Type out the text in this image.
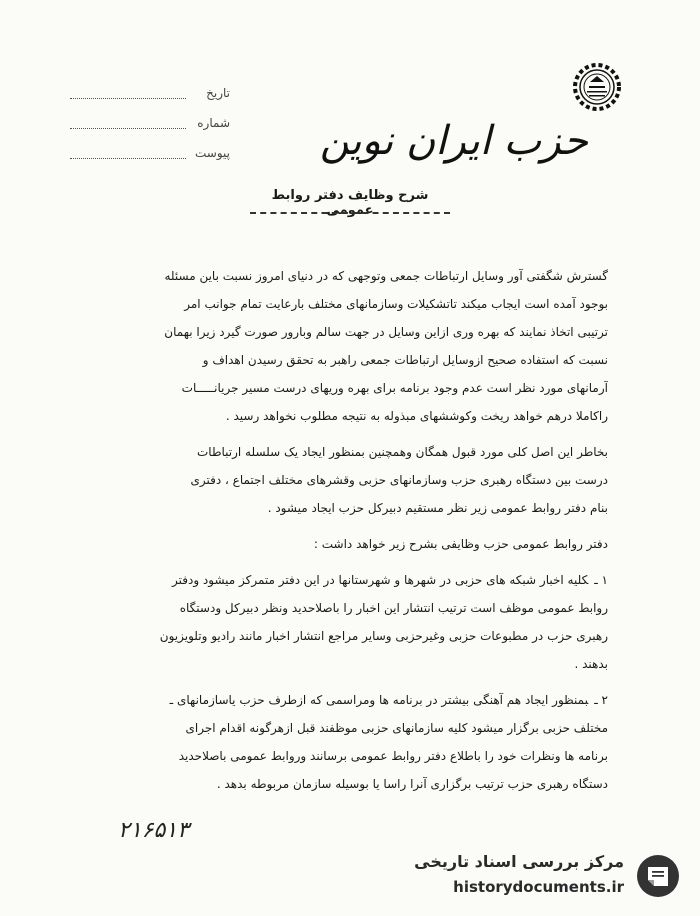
حزب ایران نوین
تاریخ
شماره
پیوست
شرح وظایف دفتر روابط عمومی

گسترش شگفتی آور وسایل ارتباطات جمعی وتوجهی که در دنیای امروز نسبت باین مسئله
بوجود آمده است ایجاب میکند تاتشکیلات وسازمانهای مختلف بارعایت تمام جوانب امر
ترتیبی اتخاذ نمایند که بهره وری ازاین وسایل در جهت سالم وبارور صورت گیرد زیرا بهمان
نسبت که استفاده صحیح ازوسایل ارتباطات جمعی راهبر به تحقق رسیدن اهداف و
آرمانهای مورد نظر است عدم وجود برنامه برای بهره وریهای درست مسیر جریانـــــات
راکاملا درهم خواهد ریخت وکوششهای مبذوله به نتیجه مطلوب نخواهد رسید .

بخاطر این اصل کلی مورد قبول همگان وهمچنین بمنظور ایجاد یک سلسله ارتباطات
درست بین دستگاه رهبری حزب وسازمانهای حزبی وقشرهای مختلف اجتماع ، دفتری
بنام دفتر روابط عمومی زیر نظر مستقیم دبیرکل حزب ایجاد میشود .

دفتر روابط عمومی حزب وظایفی بشرح زیر خواهد داشت :

۱ ـکلیه اخبار شبکه های حزبی در شهرها و شهرستانها در این دفتر متمرکز میشود ودفتر
روابط عمومی موظف است ترتیب انتشار این اخبار را باصلاحدید ونظر دبیرکل ودستگاه
رهبری حزب در مطبوعات حزبی وغیرحزبی وسایر مراجع انتشار اخبار مانند رادیو وتلویزیون
بدهند .

۲ ـبمنظور ایجاد هم آهنگی بیشتر در برنامه ها ومراسمی که ازطرف حزب یاسازمانهای ـ
مختلف حزبی برگزار میشود کلیه سازمانهای حزبی موظفند قبل ازهرگونه اقدام اجرای
برنامه ها ونظرات خود را باطلاع دفتر روابط عمومی برسانند وروابط عمومی باصلاحدید
دستگاه رهبری حزب ترتیب برگزاری آنرا راسا یا بوسیله سازمان مربوطه بدهد .

۲۱۶۵۱۳
مرکز بررسی اسناد تاریخی
historydocuments.ir
